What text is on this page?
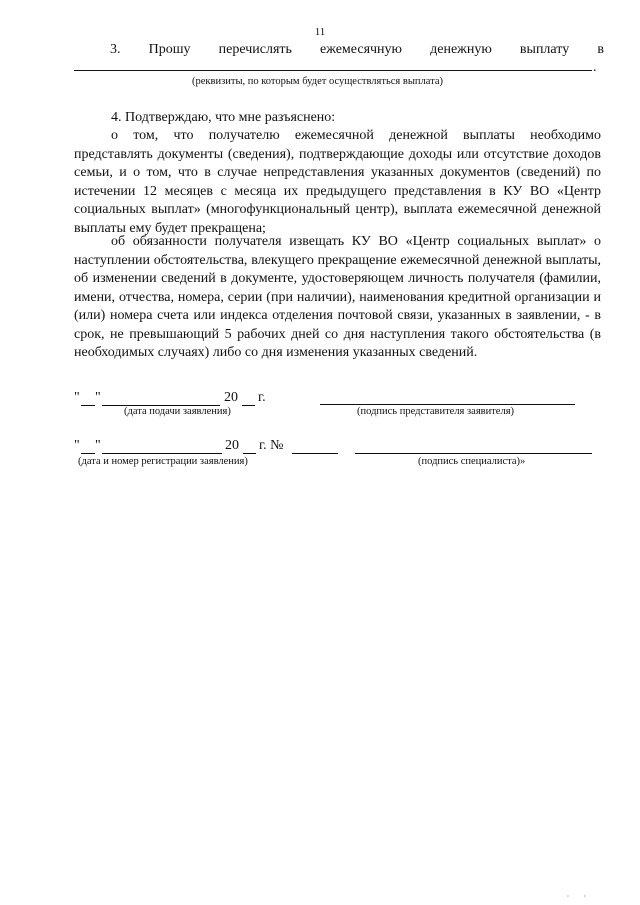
11
3. Прошу перечислять ежемесячную денежную выплату в
.
(реквизиты, по которым будет осуществляться выплата)
4. Подтверждаю, что мне разъяснено:

о том, что получателю ежемесячной денежной выплаты необходимо представлять документы (сведения), подтверждающие доходы или отсутствие доходов семьи, и о том, что в случае непредставления указанных документов (сведений) по истечении 12 месяцев с месяца их предыдущего представления в КУ ВО «Центр социальных выплат» (многофункциональный центр), выплата ежемесячной денежной выплаты ему будет прекращена;

об обязанности получателя извещать КУ ВО «Центр социальных выплат» о наступлении обстоятельства, влекущего прекращение ежемесячной денежной выплаты, об изменении сведений в документе, удостоверяющем личность получателя (фамилии, имени, отчества, номера, серии (при наличии), наименования кредитной организации и (или) номера счета или индекса отделения почтовой связи, указанных в заявлении, - в срок, не превышающий 5 рабочих дней со дня наступления такого обстоятельства (в необходимых случаях) либо со дня изменения указанных сведений.

" "	20 г.
(дата подачи заявления)	(подпись представителя заявителя)
" "	20 г. №
(дата и номер регистрации заявления)	(подпись специалиста)»
· ·
